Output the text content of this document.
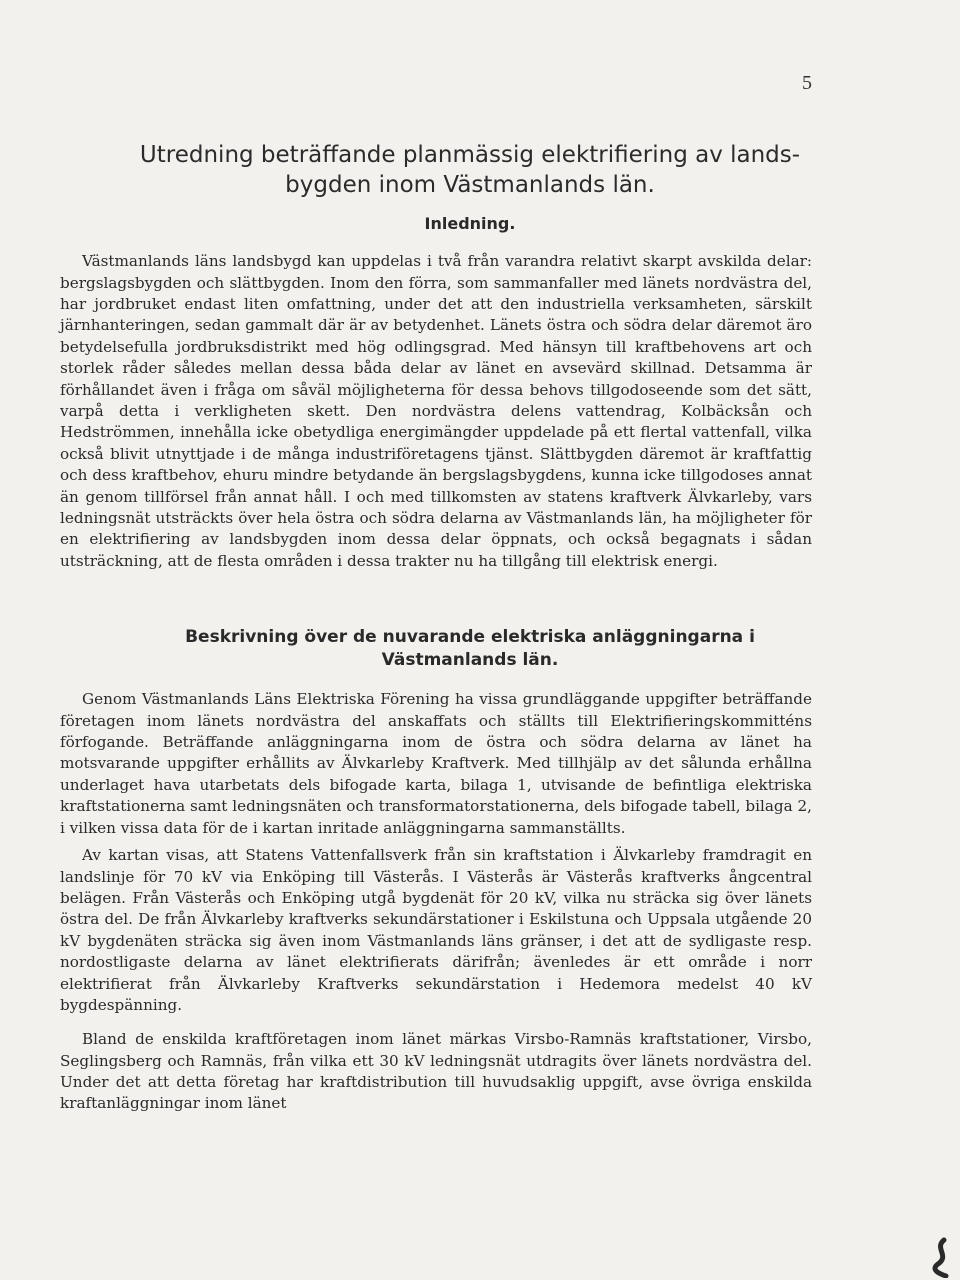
5
Utredning beträffande planmässig elektrifiering av lands-
bygden inom Västmanlands län.
Inledning.

Västmanlands läns landsbygd kan uppdelas i två från varandra relativt skarpt avskilda delar: bergslagsbygden och slättbygden. Inom den förra, som sammanfaller med länets nordvästra del, har jordbruket endast liten omfattning, under det att den industriella verksamheten, särskilt järnhanteringen, sedan gammalt där är av betydenhet. Länets östra och södra delar däremot äro betydelsefulla jordbruksdistrikt med hög odlingsgrad. Med hänsyn till kraftbehovens art och storlek råder således mellan dessa båda delar av länet en avsevärd skillnad. Detsamma är förhållandet även i fråga om såväl möjligheterna för dessa behovs tillgodoseende som det sätt, varpå detta i verkligheten skett. Den nordvästra delens vattendrag, Kolbäcksån och Hedströmmen, innehålla icke obetydliga energimängder uppdelade på ett flertal vattenfall, vilka också blivit utnyttjade i de många industriföretagens tjänst. Slättbygden däremot är kraftfattig och dess kraftbehov, ehuru mindre betydande än bergslagsbygdens, kunna icke tillgodoses annat än genom tillförsel från annat håll. I och med tillkomsten av statens kraftverk Älvkarleby, vars ledningsnät utsträckts över hela östra och södra delarna av Västmanlands län, ha möjligheter för en elektrifiering av landsbygden inom dessa delar öppnats, och också begagnats i sådan utsträckning, att de flesta områden i dessa trakter nu ha tillgång till elektrisk energi.

Beskrivning över de nuvarande elektriska anläggningarna i
Västmanlands län.

Genom Västmanlands Läns Elektriska Förening ha vissa grundläggande uppgifter beträffande företagen inom länets nordvästra del anskaffats och ställts till Elektrifieringskommitténs förfogande. Beträffande anläggningarna inom de östra och södra delarna av länet ha motsvarande uppgifter erhållits av Älvkarleby Kraftverk. Med tillhjälp av det sålunda erhållna underlaget hava utarbetats dels bifogade karta, bilaga 1, utvisande de befintliga elektriska kraftstationerna samt ledningsnäten och transformatorstationerna, dels bifogade tabell, bilaga 2, i vilken vissa data för de i kartan inritade anläggningarna sammanställts.

Av kartan visas, att Statens Vattenfallsverk från sin kraftstation i Älvkarleby framdragit en landslinje för 70 kV via Enköping till Västerås. I Västerås är Västerås kraftverks ångcentral belägen. Från Västerås och Enköping utgå bygdenät för 20 kV, vilka nu sträcka sig över länets östra del. De från Älvkarleby kraftverks sekundärstationer i Eskilstuna och Uppsala utgående 20 kV bygdenäten sträcka sig även inom Västmanlands läns gränser, i det att de sydligaste resp. nordostligaste delarna av länet elektrifierats därifrån; ävenledes är ett område i norr elektrifierat från Älvkarleby Kraftverks sekundärstation i Hedemora medelst 40 kV bygdespänning.

Bland de enskilda kraftföretagen inom länet märkas Virsbo-Ramnäs kraftstationer, Virsbo, Seglingsberg och Ramnäs, från vilka ett 30 kV ledningsnät utdragits över länets nordvästra del. Under det att detta företag har kraftdistribution till huvudsaklig uppgift, avse övriga enskilda kraftanläggningar inom länet
